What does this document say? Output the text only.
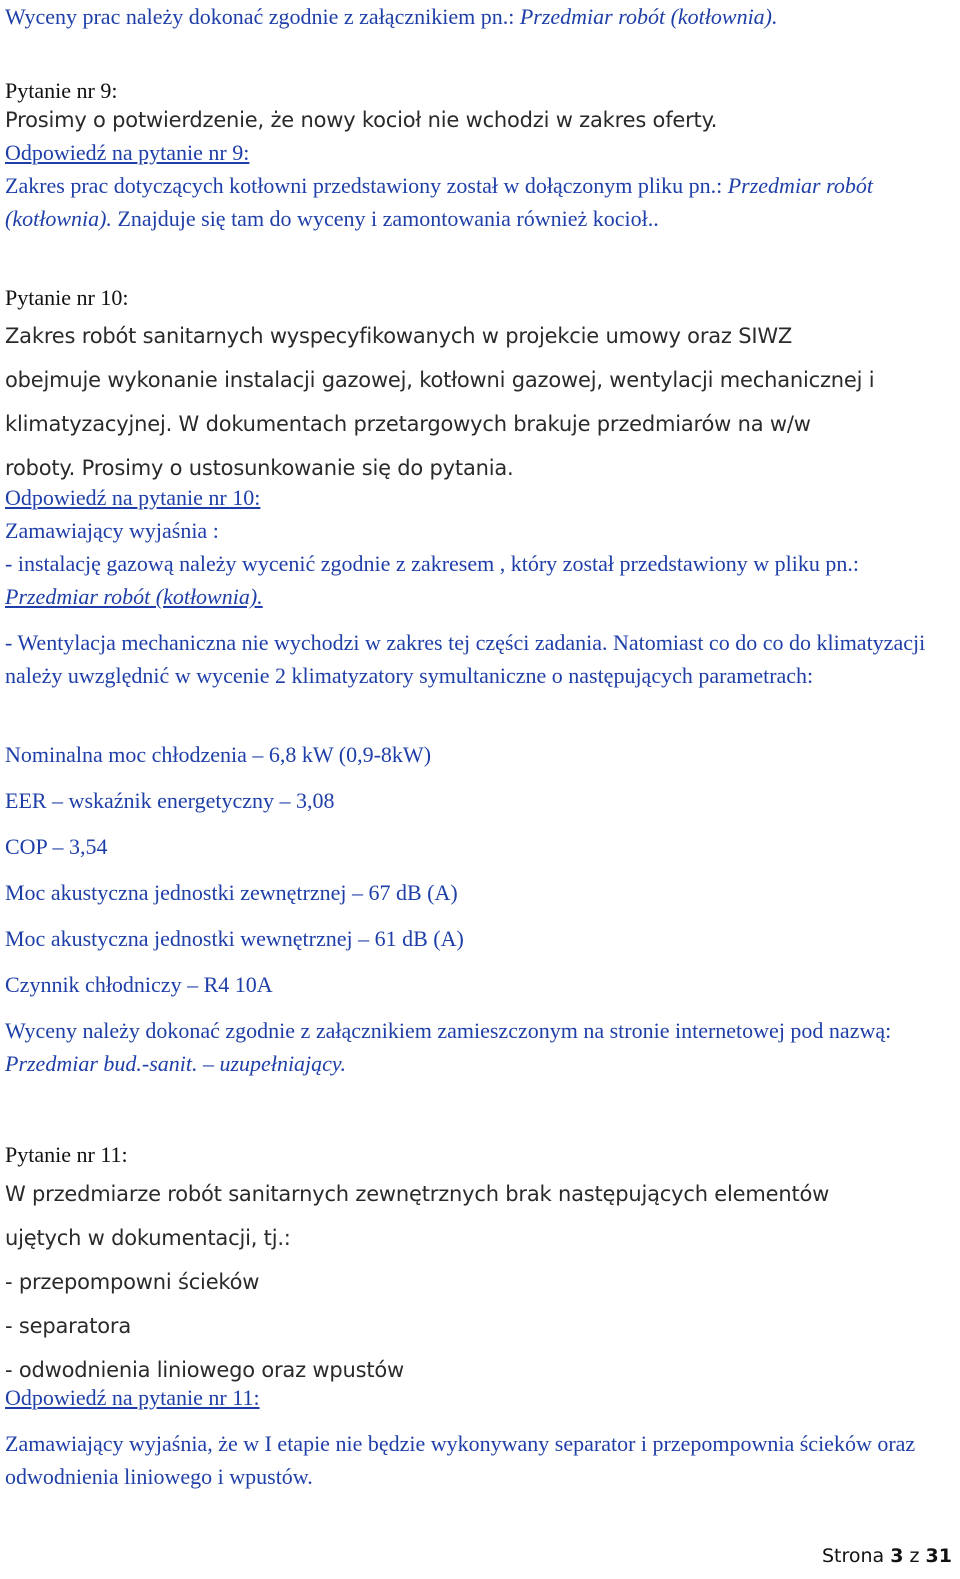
Wyceny prac należy dokonać zgodnie z załącznikiem pn.: Przedmiar robót (kotłownia).
Pytanie nr 9:
Prosimy o potwierdzenie, że nowy kocioł nie wchodzi w zakres oferty.
Odpowiedź na pytanie nr 9:
Zakres prac dotyczących kotłowni przedstawiony został w dołączonym pliku pn.: Przedmiar robót (kotłownia). Znajduje się tam do wyceny i zamontowania również kocioł..
Pytanie nr 10:
Zakres robót sanitarnych wyspecyfikowanych w projekcie umowy oraz SIWZ
obejmuje wykonanie instalacji gazowej, kotłowni gazowej, wentylacji mechanicznej i
klimatyzacyjnej. W dokumentach przetargowych brakuje przedmiarów na w/w
roboty. Prosimy o ustosunkowanie się do pytania.
Odpowiedź na pytanie nr 10:
Zamawiający wyjaśnia :
- instalację gazową należy wycenić zgodnie z zakresem , który został przedstawiony w pliku pn.: Przedmiar robót (kotłownia).
- Wentylacja mechaniczna nie wychodzi w zakres tej części zadania. Natomiast co do co do klimatyzacji należy uwzględnić w wycenie 2 klimatyzatory symultaniczne o następujących parametrach:
Nominalna moc chłodzenia – 6,8 kW (0,9-8kW)
EER – wskaźnik energetyczny – 3,08
COP – 3,54
Moc akustyczna jednostki zewnętrznej – 67 dB (A)
Moc akustyczna jednostki wewnętrznej – 61 dB (A)
Czynnik chłodniczy – R4 10A
Wyceny należy dokonać zgodnie z załącznikiem zamieszczonym na stronie internetowej pod nazwą: Przedmiar bud.-sanit. – uzupełniający.
Pytanie nr 11:
W przedmiarze robót sanitarnych zewnętrznych brak następujących elementów
ujętych w dokumentacji, tj.:
- przepompowni ścieków
- separatora
- odwodnienia liniowego oraz wpustów
Odpowiedź na pytanie nr 11:
Zamawiający wyjaśnia, że w I etapie nie będzie wykonywany separator i przepompownia ścieków oraz odwodnienia liniowego i wpustów.
Strona 3 z 31
